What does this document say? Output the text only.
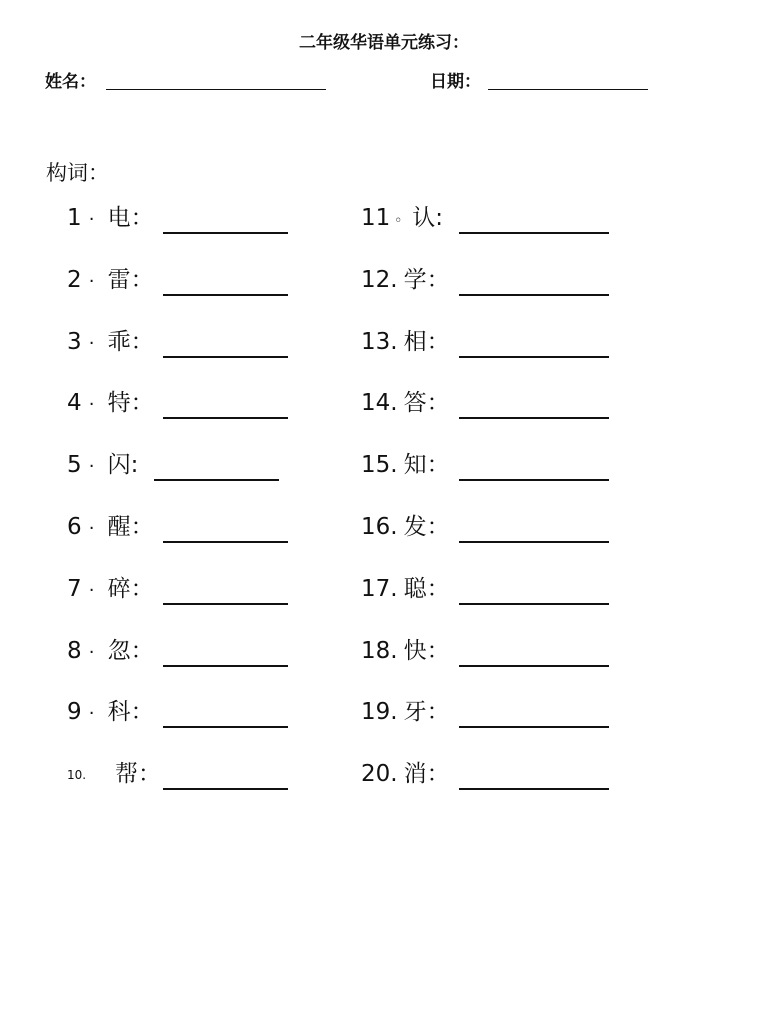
二年级华语单元练习：
姓名：	日期：
构词：
1 · 电：
2 · 雷：
3 · 乖：
4 · 特：
5 · 闪:
6 · 醒：
7 · 碎：
8 · 忽：
9 · 科：
10. 帮：
11 ◦ 认:
12. 学：
13. 相：
14. 答：
15. 知：
16. 发：
17. 聪：
18. 快：
19. 牙：
20. 消：
